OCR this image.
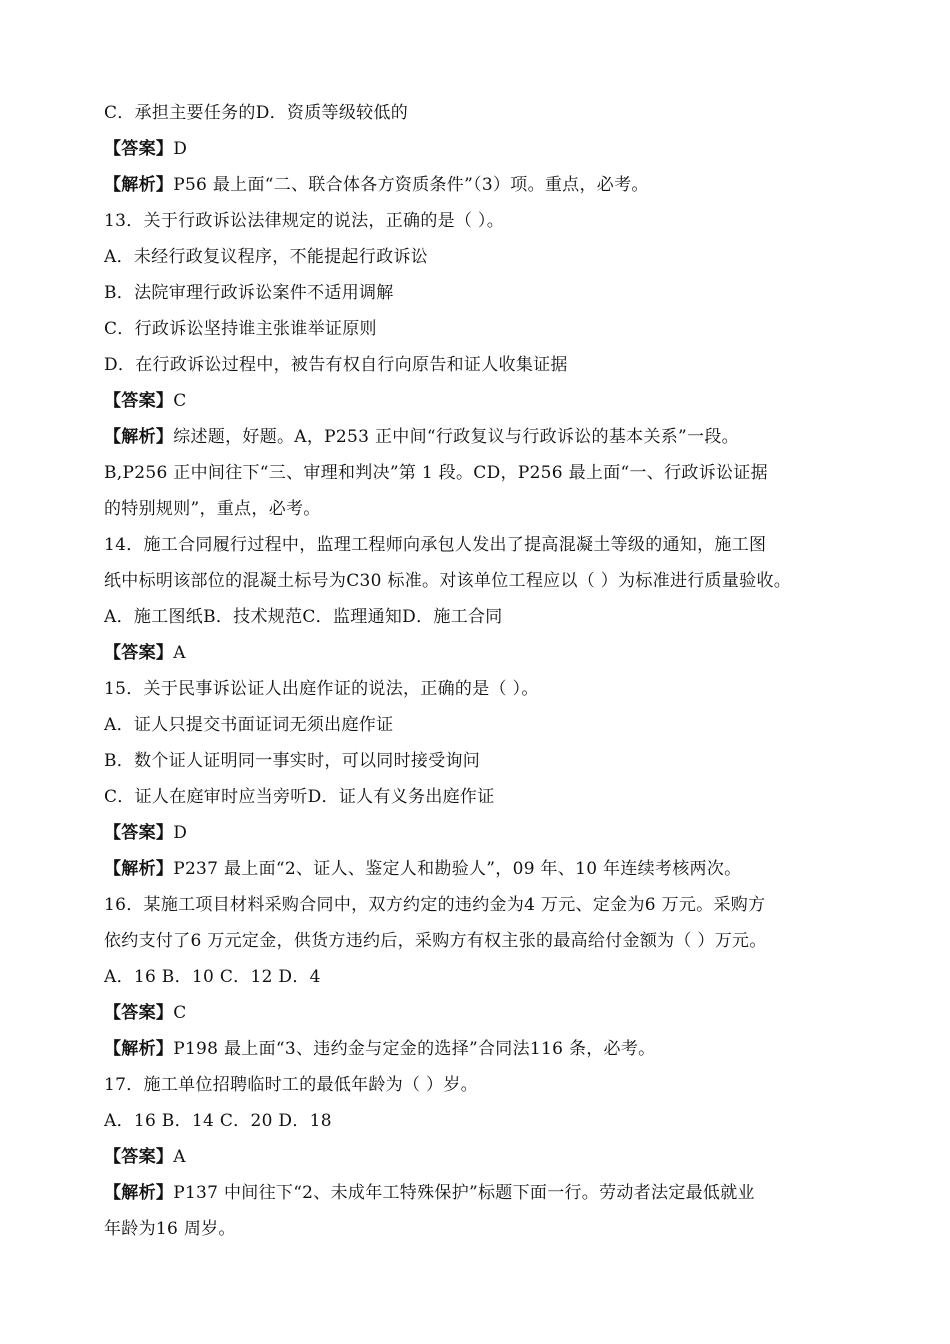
C．承担主要任务的D．资质等级较低的
【答案】D
【解析】P56 最上面“二、联合体各方资质条件”（3）项。重点，必考。
13．关于行政诉讼法律规定的说法，正确的是（ ）。
A．未经行政复议程序，不能提起行政诉讼
B．法院审理行政诉讼案件不适用调解
C．行政诉讼坚持谁主张谁举证原则
D．在行政诉讼过程中，被告有权自行向原告和证人收集证据
【答案】C
【解析】综述题，好题。A，P253 正中间“行政复议与行政诉讼的基本关系”一段。
B,P256 正中间往下“三、审理和判决”第 1 段。CD，P256 最上面“一、行政诉讼证据
的特别规则”，重点，必考。
14．施工合同履行过程中，监理工程师向承包人发出了提高混凝土等级的通知，施工图
纸中标明该部位的混凝土标号为C30 标准。对该单位工程应以（ ）为标准进行质量验收。
A．施工图纸B．技术规范C．监理通知D．施工合同
【答案】A
15．关于民事诉讼证人出庭作证的说法，正确的是（ ）。
A．证人只提交书面证词无须出庭作证
B．数个证人证明同一事实时，可以同时接受询问
C．证人在庭审时应当旁听D．证人有义务出庭作证
【答案】D
【解析】P237 最上面“2、证人、鉴定人和勘验人”，09 年、10 年连续考核两次。
16．某施工项目材料采购合同中，双方约定的违约金为4 万元、定金为6 万元。采购方
依约支付了6 万元定金，供货方违约后，采购方有权主张的最高给付金额为（ ）万元。
A．16 B．10 C．12 D．4
【答案】C
【解析】P198 最上面“3、违约金与定金的选择”合同法116 条，必考。
17．施工单位招聘临时工的最低年龄为（ ）岁。
A．16 B．14 C．20 D．18
【答案】A
【解析】P137 中间往下“2、未成年工特殊保护”标题下面一行。劳动者法定最低就业
年龄为16 周岁。
